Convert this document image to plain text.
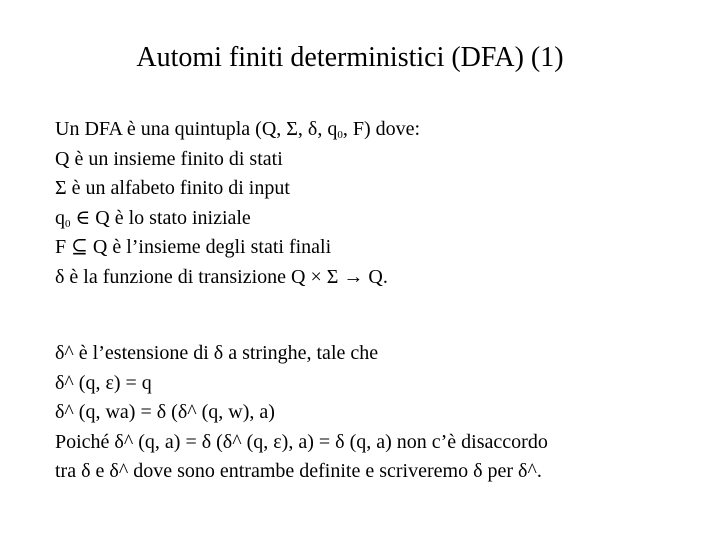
Automi finiti deterministici (DFA) (1)
Un DFA è una quintupla (Q, Σ, δ, $q_0$, F) dove:
Q è un insieme finito di stati
Σ è un alfabeto finito di input
$q_0$ ∈ Q è lo stato iniziale
F ⊆ Q è l’insieme degli stati finali
δ è la funzione di transizione Q × Σ → Q.
δ^ è l’estensione di δ a stringhe, tale che
δ^ (q, ε) = q
δ^ (q, wa) = δ (δ^ (q, w), a)
Poiché δ^ (q, a) = δ (δ^ (q, ε), a) = δ (q, a) non c’è disaccordo
tra δ e δ^ dove sono entrambe definite e scriveremo δ per δ^.
